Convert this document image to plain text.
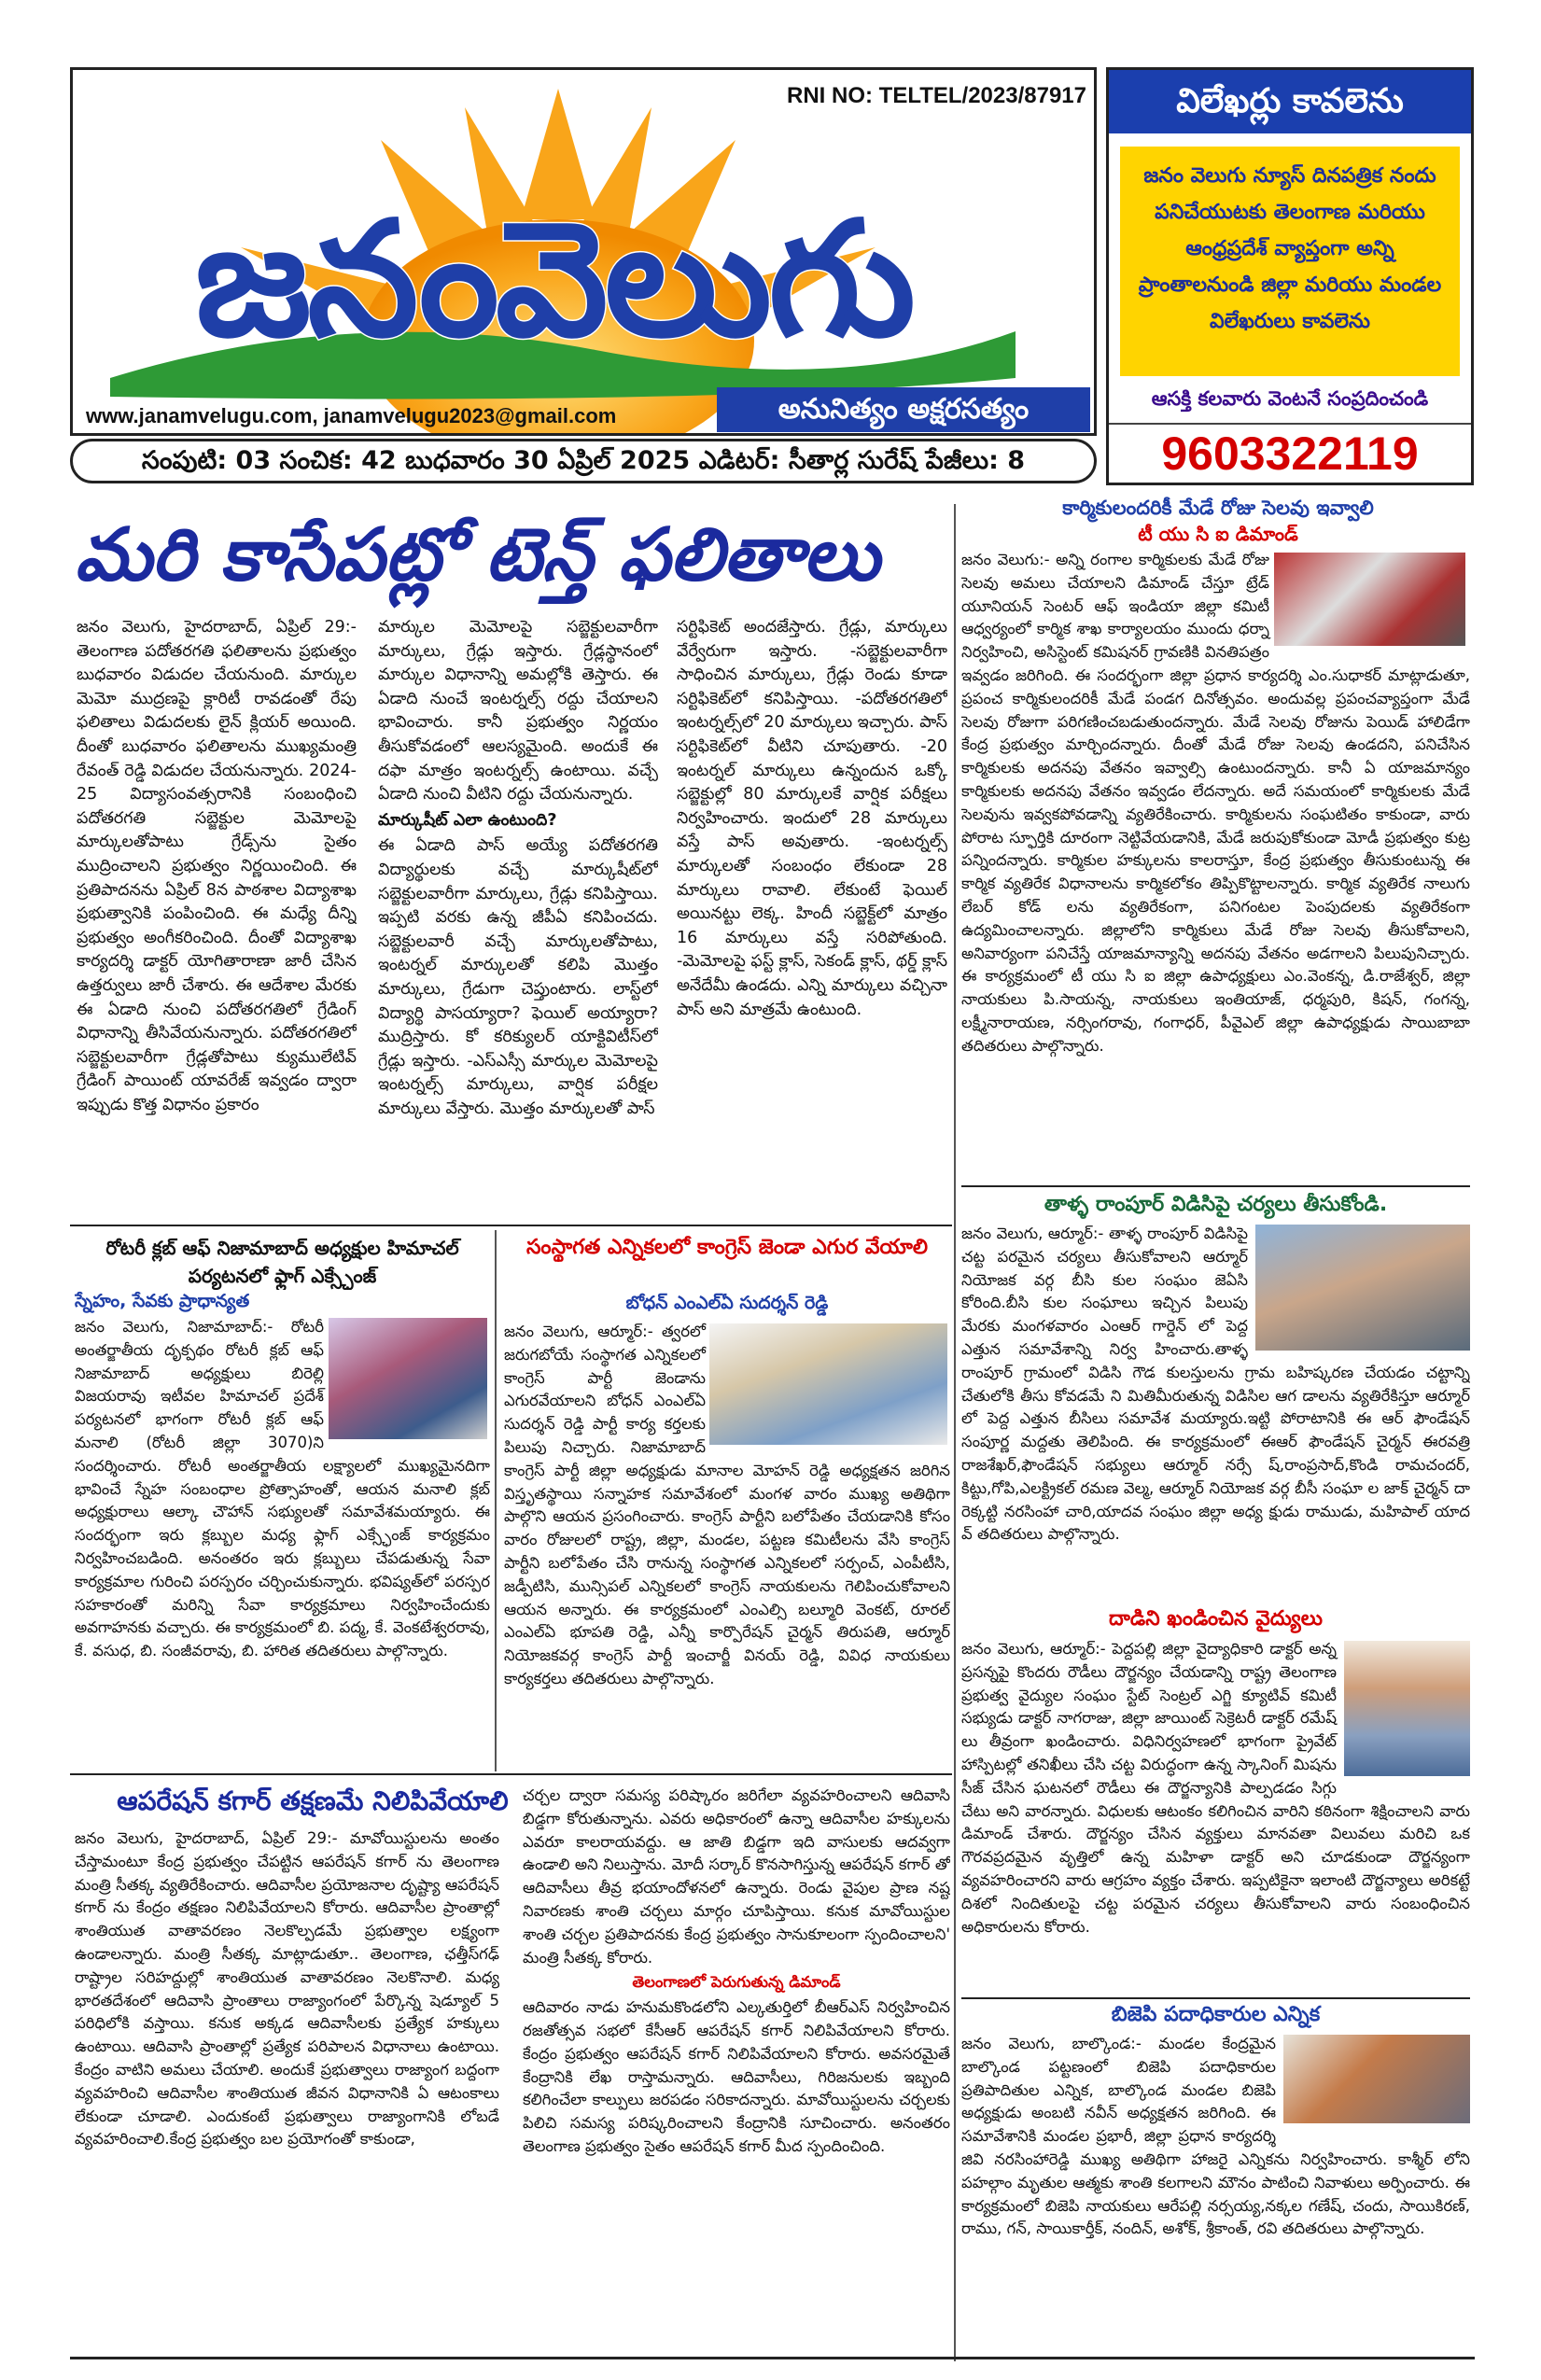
RNI NO: TELTEL/2023/87917
జనంవెలుగు
www.janamvelugu.com, janamvelugu2023@gmail.com	అనునిత్యం అక్షరసత్యం
విలేఖర్లు కావలెను
జనం వెలుగు న్యూస్ దినపత్రిక నందు పనిచేయుటకు తెలంగాణ మరియు ఆంధ్రప్రదేశ్ వ్యాప్తంగా అన్ని ప్రాంతాలనుండి జిల్లా మరియు మండల విలేఖరులు కావలెను
ఆసక్తి కలవారు వెంటనే సంప్రదించండి
9603322119
సంపుటి: 03 సంచిక: 42 బుధవారం 30 ఏప్రిల్ 2025 ఎడిటర్: సీతార్ల సురేష్ పేజీలు: 8
మరి కాసేపట్లో టెన్త్ ఫలితాలు
జనం వెలుగు, హైదరాబాద్, ఏప్రిల్ 29:- తెలంగాణ పదోతరగతి ఫలితాలను ప్రభుత్వం బుధవారం విడుదల చేయనుంది. మార్కుల మెమో ముద్రణపై క్లారిటీ రావడంతో రేపు ఫలితాలు విడుదలకు లైన్ క్లియర్ అయింది. దీంతో బుధవారం ఫలితాలను ముఖ్యమంత్రి రేవంత్ రెడ్డి విడుదల చేయనున్నారు. 2024-25 విద్యాసంవత్సరానికి సంబంధించి పదోతరగతి సబ్జెక్టుల మెమోలపై మార్కులతోపాటు గ్రేడ్స్‌ను సైతం ముద్రించాలని ప్రభుత్వం నిర్ణయించింది. ఈ ప్రతిపాదనను ఏప్రిల్ 8న పాఠశాల విద్యాశాఖ ప్రభుత్వానికి పంపించింది. ఈ మధ్యే దీన్ని ప్రభుత్వం అంగీకరించింది. దీంతో విద్యాశాఖ కార్యదర్శి డాక్టర్ యోగితారాణా జారీ చేసిన ఉత్తర్వులు జారీ చేశారు. ఈ ఆదేశాల మేరకు ఈ ఏడాది నుంచి పదోతరగతిలో గ్రేడింగ్ విధానాన్ని తీసివేయనున్నారు. పదోతరగతిలో సబ్జెక్టులవారీగా గ్రేడ్లతోపాటు క్యుములేటివ్ గ్రేడింగ్ పాయింట్ యావరేజ్ ఇవ్వడం ద్వారా ఇప్పుడు కొత్త విధానం ప్రకారం
మార్కుల మెమోలపై సబ్జెక్టులవారీగా మార్కులు, గ్రేడ్లు ఇస్తారు. గ్రేడ్లస్థానంలో మార్కుల విధానాన్ని అమల్లోకి తెస్తారు. ఈ ఏడాది నుంచే ఇంటర్నల్స్ రద్దు చేయాలని భావించారు. కానీ ప్రభుత్వం నిర్ణయం తీసుకోవడంలో ఆలస్యమైంది. అందుకే ఈ దఫా మాత్రం ఇంటర్నల్స్ ఉంటాయి. వచ్చే ఏడాది నుంచి వీటిని రద్దు చేయనున్నారు.
మార్కుషీట్ ఎలా ఉంటుంది?
ఈ ఏడాది పాస్ అయ్యే పదోతరగతి విద్యార్థులకు వచ్చే మార్కుషీట్‌లో సబ్జెక్టులవారీగా మార్కులు, గ్రేడ్లు కనిపిస్తాయి. ఇప్పటి వరకు ఉన్న జీపీఏ కనిపించదు. సబ్జెక్టులవారీ వచ్చే మార్కులతోపాటు, ఇంటర్నల్ మార్కులతో కలిపి మొత్తం మార్కులు, గ్రేడుగా చెప్తుంటారు. లాస్ట్‌లో విద్యార్థి పాసయ్యారా? ఫెయిల్ అయ్యారా? ముద్రిస్తారు. కో కరిక్యులర్ యాక్టివిటీస్‌లో గ్రేడ్లు ఇస్తారు. -ఎస్ఎస్సీ మార్కుల మెమోలపై ఇంటర్నల్స్ మార్కులు, వార్షిక పరీక్షల మార్కులు వేస్తారు. మొత్తం మార్కులతో పాస్
సర్టిఫికెట్ అందజేస్తారు. గ్రేడ్లు, మార్కులు వేర్వేరుగా ఇస్తారు. -సబ్జెక్టులవారీగా సాధించిన మార్కులు, గ్రేడ్లు రెండు కూడా సర్టిఫికెట్‌లో కనిపిస్తాయి. -పదోతరగతిలో ఇంటర్నల్స్‌లో 20 మార్కులు ఇచ్చారు. పాస్ సర్టిఫికెట్‌లో వీటిని చూపుతారు. -20 ఇంటర్నల్ మార్కులు ఉన్నందున ఒక్కో సబ్జెక్టుల్లో 80 మార్కులకే వార్షిక పరీక్షలు నిర్వహించారు. ఇందులో 28 మార్కులు వస్తే పాస్ అవుతారు. -ఇంటర్నల్స్ మార్కులతో సంబంధం లేకుండా 28 మార్కులు రావాలి. లేకుంటే ఫెయిల్ అయినట్టు లెక్క. హిందీ సబ్జెక్ట్‌లో మాత్రం 16 మార్కులు వస్తే సరిపోతుంది. -మెమోలపై ఫస్ట్ క్లాస్, సెకండ్ క్లాస్, థర్డ్ క్లాస్ అనేదేమీ ఉండదు. ఎన్ని మార్కులు వచ్చినా పాస్ అని మాత్రమే ఉంటుంది.
కార్మికులందరికీ మేడే రోజు సెలవు ఇవ్వాలి
టీ యు సి ఐ డిమాండ్
జనం వెలుగు:- అన్ని రంగాల కార్మికులకు మేడే రోజు సెలవు అమలు చేయాలని డిమాండ్ చేస్తూ ట్రేడ్ యూనియన్ సెంటర్ ఆఫ్ ఇండియా జిల్లా కమిటీ ఆధ్వర్యంలో కార్మిక శాఖ కార్యాలయం ముందు ధర్నా నిర్వహించి, అసిస్టెంట్ కమిషనర్ గ్రావణికి వినతిపత్రం ఇవ్వడం జరిగింది. ఈ సందర్భంగా జిల్లా ప్రధాన కార్యదర్శి ఎం.సుధాకర్ మాట్లాడుతూ, ప్రపంచ కార్మికులందరికీ మేడే పండగ దినోత్సవం. అందువల్ల ప్రపంచవ్యాప్తంగా మేడే సెలవు రోజుగా పరిగణించబడుతుందన్నారు. మేడే సెలవు రోజును పెయిడ్ హాలిడేగా కేంద్ర ప్రభుత్వం మార్చిందన్నారు. దీంతో మేడే రోజు సెలవు ఉండదని, పనిచేసిన కార్మికులకు అదనపు వేతనం ఇవ్వాల్సి ఉంటుందన్నారు. కానీ ఏ యాజమాన్యం కార్మికులకు అదనపు వేతనం ఇవ్వడం లేదన్నారు. అదే సమయంలో కార్మికులకు మేడే సెలవును ఇవ్వకపోవడాన్ని వ్యతిరేకించారు. కార్మికులను సంఘటితం కాకుండా, వారు పోరాట స్ఫూర్తికి దూరంగా నెట్టివేయడానికి, మేడే జరుపుకోకుండా మోడీ ప్రభుత్వం కుట్ర పన్నిందన్నారు. కార్మికుల హక్కులను కాలరాస్తూ, కేంద్ర ప్రభుత్వం తీసుకుంటున్న ఈ కార్మిక వ్యతిరేక విధానాలను కార్మికలోకం తిప్పికొట్టాలన్నారు. కార్మిక వ్యతిరేక నాలుగు లేబర్ కోడ్ లను వ్యతిరేకంగా, పనిగంటల పెంపుదలకు వ్యతిరేకంగా ఉద్యమించాలన్నారు. జిల్లాలోని కార్మికులు మేడే రోజు సెలవు తీసుకోవాలని, అనివార్యంగా పనిచేస్తే యాజమాన్యాన్ని అదనపు వేతనం అడగాలని పిలుపునిచ్చారు. ఈ కార్యక్రమంలో టీ యు సి ఐ జిల్లా ఉపాధ్యక్షులు ఎం.వెంకన్న, డి.రాజేశ్వర్, జిల్లా నాయకులు పి.సాయన్న, నాయకులు ఇంతియాజ్, ధర్మపురి, కిషన్, గంగన్న, లక్ష్మీనారాయణ, నర్సింగరావు, గంగాధర్, పీవైఎల్ జిల్లా ఉపాధ్యక్షుడు సాయిబాబా తదితరులు పాల్గొన్నారు.
తాళ్ళ రాంపూర్ విడిసిపై చర్యలు తీసుకోండి.
జనం వెలుగు, ఆర్మూర్:- తాళ్ళ రాంపూర్ విడిసిపై చట్ట పరమైన చర్యలు తీసుకోవాలని ఆర్మూర్ నియోజక వర్గ బీసి కుల సంఘం జెఏసి కోరింది.బీసి కుల సంఘాలు ఇచ్చిన పిలుపు మేరకు మంగళవారం ఎంఆర్ గార్డెన్ లో పెద్ద ఎత్తున సమావేశాన్ని నిర్వ హించారు.తాళ్ళ రాంపూర్ గ్రామంలో విడిసి గౌడ కులస్తులను గ్రామ బహిష్కరణ చేయడం చట్టాన్ని చేతులోకి తీసు కోవడమే ని మితిమీరుతున్న విడిసిల ఆగ డాలను వ్యతిరేకిస్తూ ఆర్మూర్ లో పెద్ద ఎత్తున బీసిలు సమావేశ మయ్యారు.ఇట్టి పోరాటానికి ఈ ఆర్ ఫౌండేషన్ సంపూర్ణ మద్దతు తెలిపింది. ఈ కార్యక్రమంలో ఈఆర్ ఫౌండేషన్ చైర్మన్ ఈరవత్రి రాజశేఖర్,ఫౌండేషన్ సభ్యులు ఆర్మూర్ నర్సే ష్,రాంప్రసాద్,కొండి రామచందర్, కిట్టు,గోపి,ఎలక్ట్రికల్ రమణ వెల్మ, ఆర్మూర్ నియోజక వర్గ బీసీ సంఘా ల జాక్ చైర్మన్ దా రెక్కట్టి నరసింహా చారి,యాదవ సంఘం జిల్లా అధ్య క్షుడు రాముడు, మహిపాల్ యాద వ్ తదితరులు పాల్గొన్నారు.
దాడిని ఖండించిన వైద్యులు
జనం వెలుగు, ఆర్మూర్:- పెద్దపల్లి జిల్లా వైద్యాధికారి డాక్టర్ అన్న ప్రసన్నపై కొందరు రౌడీలు దౌర్జన్యం చేయడాన్ని రాష్ట్ర తెలంగాణ ప్రభుత్వ వైద్యుల సంఘం స్టేట్ సెంట్రల్ ఎగ్జి క్యూటివ్ కమిటీ సభ్యుడు డాక్టర్ నాగరాజు, జిల్లా జాయింట్ సెక్రెటరీ డాక్టర్ రమేష్ లు తీవ్రంగా ఖండించారు. విధినిర్వహణలో భాగంగా ప్రైవేట్ హాస్పిటల్లో తనిఖీలు చేసి చట్ట విరుద్ధంగా ఉన్న స్కానింగ్ మిషను సీజ్ చేసిన ఘటనలో రౌడీలు ఈ దౌర్జన్యానికి పాల్పడడం సిగ్గు చేటు అని వారన్నారు. విధులకు ఆటంకం కలిగించిన వారిని కఠినంగా శిక్షించాలని వారు డిమాండ్ చేశారు. దౌర్జన్యం చేసిన వ్యక్తులు మానవతా విలువలు మరిచి ఒక గౌరవప్రదమైన వృత్తిలో ఉన్న మహిళా డాక్టర్ అని చూడకుండా దౌర్జన్యంగా వ్యవహరించారని వారు ఆగ్రహం వ్యక్తం చేశారు. ఇప్పటికైనా ఇలాంటి దౌర్జన్యాలు అరికట్టే దిశలో నిందితులపై చట్ట పరమైన చర్యలు తీసుకోవాలని వారు సంబంధించిన అధికారులను కోరారు.
బిజెపి పదాధికారుల ఎన్నిక
జనం వెలుగు, బాల్కొండ:- మండల కేంద్రమైన బాల్కొండ పట్టణంలో బిజెపి పదాధికారుల ప్రతిపాదితుల ఎన్నిక, బాల్కొండ మండల బిజెపి అధ్యక్షుడు అంబటి నవీన్ అధ్యక్షతన జరిగింది. ఈ సమావేశానికి మండల ప్రభారీ, జిల్లా ప్రధాన కార్యదర్శి జివి నరసింహారెడ్డి ముఖ్య అతిథిగా హాజరై ఎన్నికను నిర్వహించారు. కాశ్మీర్ లోని పహల్గాం మృతుల ఆత్మకు శాంతి కలగాలని మౌనం పాటించి నివాళులు అర్పించారు. ఈ కార్యక్రమంలో బిజెపి నాయకులు ఆరేపల్లి నర్సయ్య,నక్కల గణేష్, చందు, సాయికిరణ్, రాము, గన్, సాయికార్తీక్, నందిన్, అశోక్, శ్రీకాంత్, రవి తదితరులు పాల్గొన్నారు.
రోటరీ క్లబ్ ఆఫ్ నిజామాబాద్ అధ్యక్షుల హిమాచల్ పర్యటనలో ఫ్లాగ్ ఎక్స్ఛేంజ్
స్నేహం, సేవకు ప్రాధాన్యత
జనం వెలుగు, నిజామాబాద్:- రోటరీ అంతర్జాతీయ దృక్పథం రోటరీ క్లబ్ ఆఫ్ నిజామాబాద్ అధ్యక్షులు బిరెల్లి విజయరావు ఇటీవల హిమాచల్ ప్రదేశ్ పర్యటనలో భాగంగా రోటరీ క్లబ్ ఆఫ్ మనాలి (రోటరీ జిల్లా 3070)ని సందర్శించారు. రోటరీ అంతర్జాతీయ లక్ష్యాలలో ముఖ్యమైనదిగా భావించే స్నేహ సంబంధాల ప్రోత్సాహంతో, ఆయన మనాలి క్లబ్ అధ్యక్షురాలు ఆల్కా చౌహాన్ సభ్యులతో సమావేశమయ్యారు. ఈ సందర్భంగా ఇరు క్లబ్బుల మధ్య ఫ్లాగ్ ఎక్స్ఛేంజ్ కార్యక్రమం నిర్వహించబడింది. అనంతరం ఇరు క్లబ్బులు చేపడుతున్న సేవా కార్యక్రమాల గురించి పరస్పరం చర్చించుకున్నారు. భవిష్యత్‌లో పరస్పర సహకారంతో మరిన్ని సేవా కార్యక్రమాలు నిర్వహించేందుకు అవగాహనకు వచ్చారు. ఈ కార్యక్రమంలో బి. పద్మ, కే. వెంకటేశ్వరరావు, కే. వసుధ, బి. సంజీవరావు, బి. హారిత తదితరులు పాల్గొన్నారు.
సంస్థాగత ఎన్నికలలో కాంగ్రెస్ జెండా ఎగుర వేయాలి
బోధన్ ఎంఎల్ఏ సుదర్శన్ రెడ్డి
జనం వెలుగు, ఆర్మూర్:- త్వరలో జరుగబోయే సంస్థాగత ఎన్నికలలో కాంగ్రెస్ పార్టీ జెండాను ఎగురవేయాలని బోధన్ ఎంఎల్ఏ సుదర్శన్ రెడ్డి పార్టీ కార్య కర్తలకు పిలుపు నిచ్చారు. నిజామాబాద్ కాంగ్రెస్ పార్టీ జిల్లా అధ్యక్షుడు మానాల మోహన్ రెడ్డి అధ్యక్షతన జరిగిన విస్తృతస్థాయి సన్నాహక సమావేశంలో మంగళ వారం ముఖ్య అతిథిగా పాల్గొని ఆయన ప్రసంగించారు. కాంగ్రెస్ పార్టీని బలోపేతం చేయడానికి కోసం వారం రోజులలో రాష్ట్ర, జిల్లా, మండల, పట్టణ కమిటీలను వేసి కాంగ్రెస్ పార్టీని బలోపేతం చేసి రానున్న సంస్థాగత ఎన్నికలలో సర్పంచ్, ఎంపీటీసి, జడ్పీటిసి, మున్సిపల్ ఎన్నికలలో కాంగ్రెస్ నాయకులను గెలిపించుకోవాలని ఆయన అన్నారు. ఈ కార్యక్రమంలో ఎంఎల్సి బల్మూరి వెంకట్, రూరల్ ఎంఎల్ఏ భూపతి రెడ్డి, ఎన్నీ కార్పొరేషన్ చైర్మన్ తిరుపతి, ఆర్మూర్ నియోజకవర్గ కాంగ్రెస్ పార్టీ ఇంచార్జీ వినయ్ రెడ్డి, వివిధ నాయకులు కార్యకర్తలు తదితరులు పాల్గొన్నారు.
ఆపరేషన్ కగార్ తక్షణమే నిలిపివేయాలి
జనం వెలుగు, హైదరాబాద్, ఏప్రిల్ 29:- మావోయిస్టులను అంతం చేస్తామంటూ కేంద్ర ప్రభుత్వం చేపట్టిన ఆపరేషన్ కగార్ ను తెలంగాణ మంత్రి సీతక్క వ్యతిరేకించారు. ఆదివాసీల ప్రయోజనాల దృష్ట్యా ఆపరేషన్ కగార్ ను కేంద్రం తక్షణం నిలిపివేయాలని కోరారు. ఆదివాసీల ప్రాంతాల్లో శాంతియుత వాతావరణం నెలకొల్పడమే ప్రభుత్వాల లక్ష్యంగా ఉండాలన్నారు. మంత్రి సీతక్క మాట్లాడుతూ.. తెలంగాణ, ఛత్తీస్‌గఢ్ రాష్ట్రాల సరిహద్దుల్లో శాంతియుత వాతావరణం నెలకొనాలి. మధ్య భారతదేశంలో ఆదివాసి ప్రాంతాలు రాజ్యాంగంలో పేర్కొన్న షెడ్యూల్ 5 పరిధిలోకి వస్తాయి. కనుక అక్కడ ఆదివాసీలకు ప్రత్యేక హక్కులు ఉంటాయి. ఆదివాసి ప్రాంతాల్లో ప్రత్యేక పరిపాలన విధానాలు ఉంటాయి. కేంద్రం వాటిని అమలు చేయాలి. అందుకే ప్రభుత్వాలు రాజ్యాంగ బద్దంగా వ్యవహరించి ఆదివాసీల శాంతియుత జీవన విధానానికి ఏ ఆటంకాలు లేకుండా చూడాలి. ఎందుకంటే ప్రభుత్వాలు రాజ్యాంగానికి లోబడే వ్యవహరించాలి.కేంద్ర ప్రభుత్వం బల ప్రయోగంతో కాకుండా,
చర్చల ద్వారా సమస్య పరిష్కారం జరిగేలా వ్యవహరించాలని ఆదివాసి బిడ్డగా కోరుతున్నాను. ఎవరు అధికారంలో ఉన్నా ఆదివాసీల హక్కులను ఎవరూ కాలరాయవద్దు. ఆ జాతి బిడ్డగా ఇది వాసులకు ఆదవ్వగా ఉండాలి అని నిలుస్తాను. మోదీ సర్కార్ కొనసాగిస్తున్న ఆపరేషన్ కగార్ తో ఆదివాసీలు తీవ్ర భయాందోళనలో ఉన్నారు. రెండు వైపుల ప్రాణ నష్ట నివారణకు శాంతి చర్చలు మార్గం చూపిస్తాయి. కనుక మావోయిస్టుల శాంతి చర్చల ప్రతిపాదనకు కేంద్ర ప్రభుత్వం సానుకూలంగా స్పందించాలని' మంత్రి సీతక్క కోరారు.
తెలంగాణలో పెరుగుతున్న డిమాండ్
ఆదివారం నాడు హనుమకొండలోని ఎల్కతుర్తిలో బీఆర్ఎస్ నిర్వహించిన రజతోత్సవ సభలో కేసీఆర్ ఆపరేషన్ కగార్ నిలిపివేయాలని కోరారు. కేంద్రం ప్రభుత్వం ఆపరేషన్ కగార్ నిలిపివేయాలని కోరారు. అవసరమైతే కేంద్రానికి లేఖ రాస్తామన్నారు. ఆదివాసీలు, గిరిజనులకు ఇబ్బంది కలిగించేలా కాల్పులు జరపడం సరికాదన్నారు. మావోయిస్టులను చర్చలకు పిలిచి సమస్య పరిష్కరించాలని కేంద్రానికి సూచించారు. అనంతరం తెలంగాణ ప్రభుత్వం సైతం ఆపరేషన్ కగార్ మీద స్పందించింది.
